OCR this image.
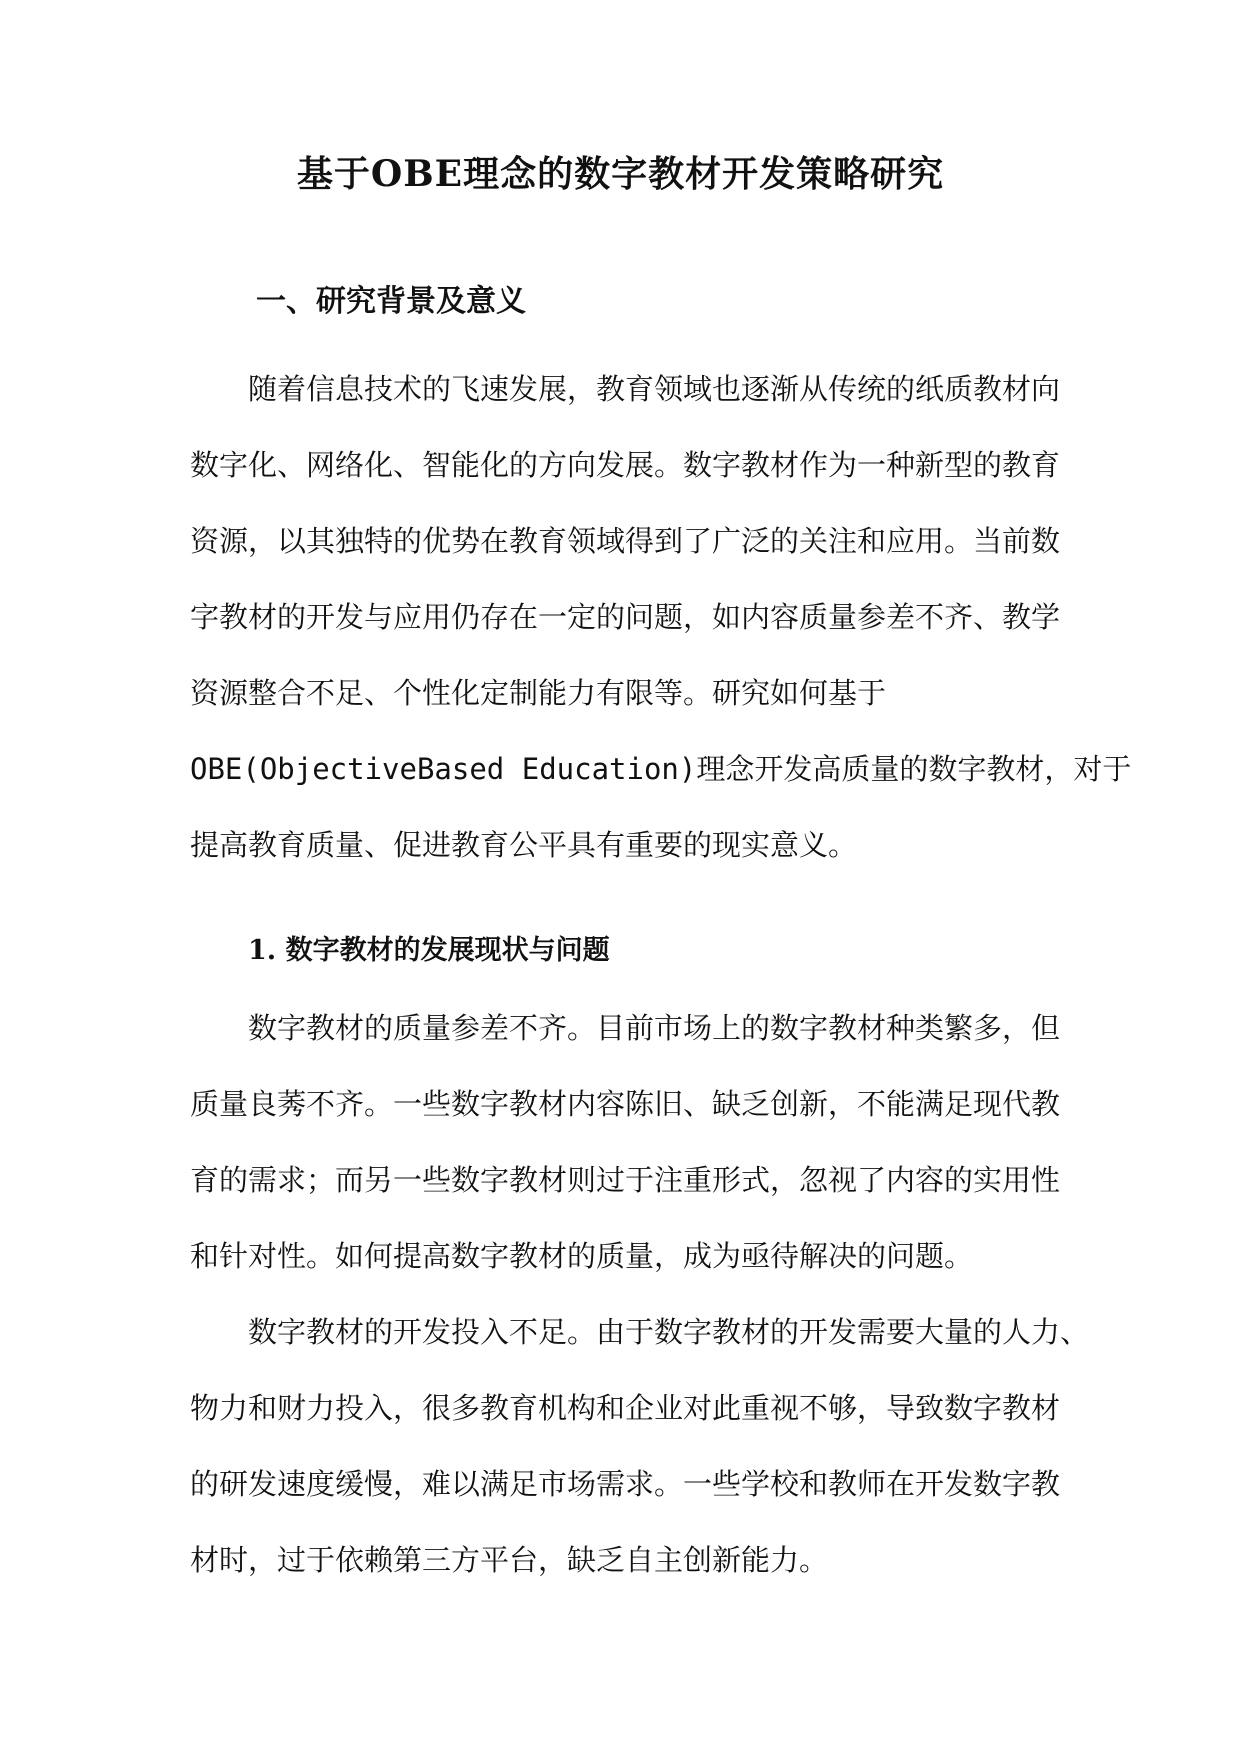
基于OBE理念的数字教材开发策略研究
一、研究背景及意义
随着信息技术的飞速发展，教育领域也逐渐从传统的纸质教材向
数字化、网络化、智能化的方向发展。数字教材作为一种新型的教育
资源，以其独特的优势在教育领域得到了广泛的关注和应用。当前数
字教材的开发与应用仍存在一定的问题，如内容质量参差不齐、教学
资源整合不足、个性化定制能力有限等。研究如何基于
OBE(ObjectiveBased Education)理念开发高质量的数字教材，对于
提高教育质量、促进教育公平具有重要的现实意义。
1. 数字教材的发展现状与问题
数字教材的质量参差不齐。目前市场上的数字教材种类繁多，但
质量良莠不齐。一些数字教材内容陈旧、缺乏创新，不能满足现代教
育的需求；而另一些数字教材则过于注重形式，忽视了内容的实用性
和针对性。如何提高数字教材的质量，成为亟待解决的问题。
数字教材的开发投入不足。由于数字教材的开发需要大量的人力、
物力和财力投入，很多教育机构和企业对此重视不够，导致数字教材
的研发速度缓慢，难以满足市场需求。一些学校和教师在开发数字教
材时，过于依赖第三方平台，缺乏自主创新能力。
